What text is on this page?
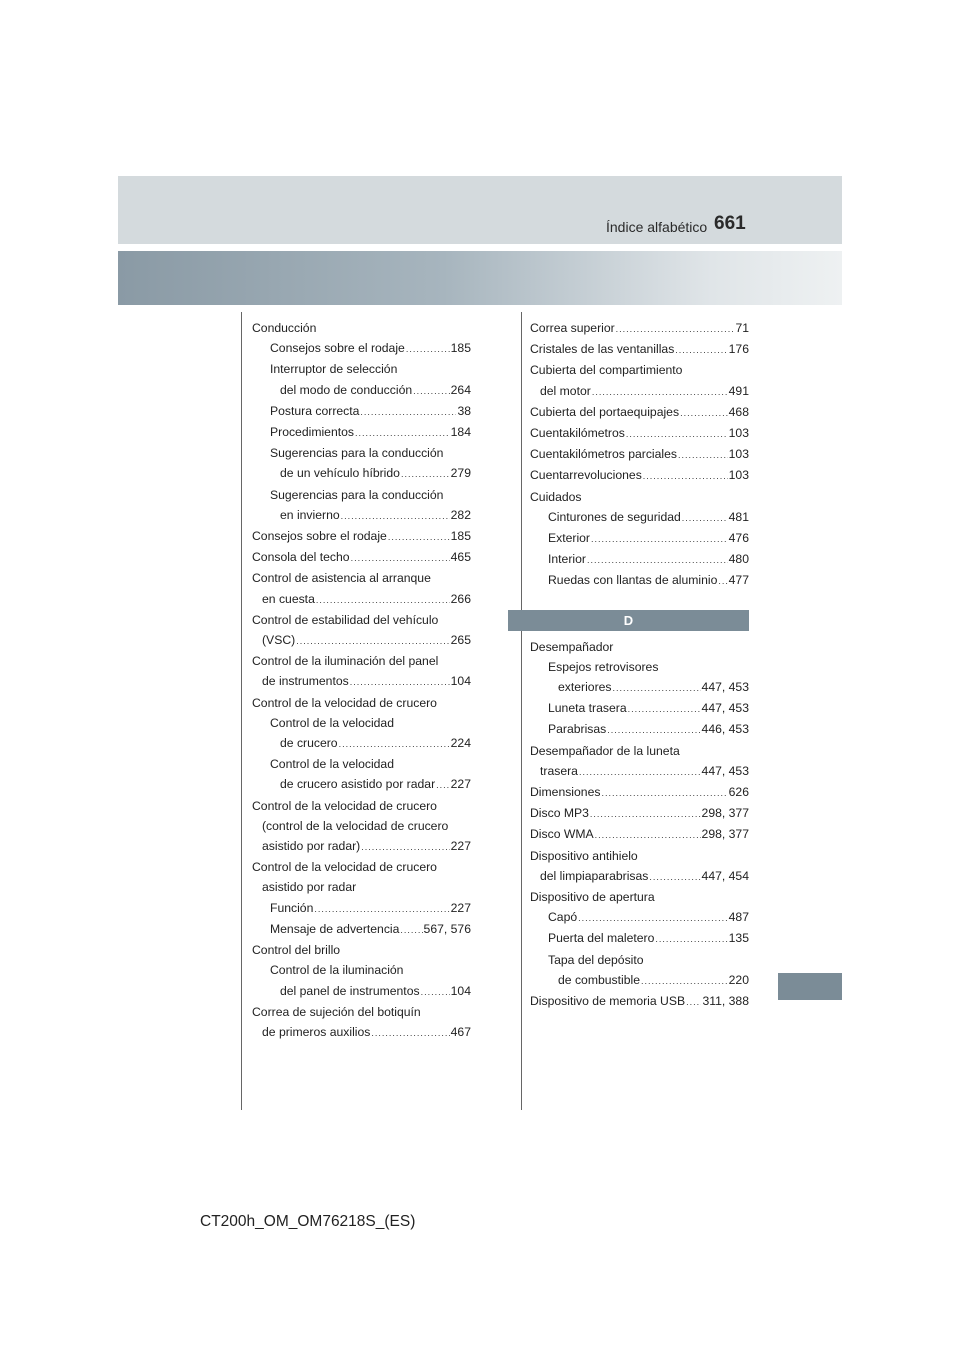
Índice alfabético 661
Conducción
Consejos sobre el rodaje .....	185
Interruptor de selección
del modo de conducción .....	264
Postura correcta .....	38
Procedimientos .....	184
Sugerencias para la conducción
de un vehículo híbrido .....	279
Sugerencias para la conducción
en invierno .....	282
Consejos sobre el rodaje .....	185
Consola del techo .....	465
Control de asistencia al arranque
en cuesta .....	266
Control de estabilidad del vehículo
(VSC) .....	265
Control de la iluminación del panel
de instrumentos .....	104
Control de la velocidad de crucero
Control de la velocidad
de crucero .....	224
Control de la velocidad
de crucero asistido por radar ..... 227
Control de la velocidad de crucero
(control de la velocidad de crucero
asistido por radar) .....	227
Control de la velocidad de crucero
asistido por radar
Función .....	227
Mensaje de advertencia ..... 567, 576
Control del brillo
Control de la iluminación
del panel de instrumentos .....	104
Correa de sujeción del botiquín
de primeros auxilios .....	467
Correa superior .....	71
Cristales de las ventanillas .....	176
Cubierta del compartimiento
del motor .....	491
Cubierta del portaequipajes .....	468
Cuentakilómetros .....	103
Cuentakilómetros parciales .....	103
Cuentarrevoluciones .....	103
Cuidados
Cinturones de seguridad .....	481
Exterior .....	476
Interior .....	480
Ruedas con llantas de aluminio ..... 477
D
Desempañador
Espejos retrovisores
exteriores .....	447, 453
Luneta trasera .....	447, 453
Parabrisas .....	446, 453
Desempañador de la luneta
trasera .....	447, 453
Dimensiones .....	626
Disco MP3 .....	298, 377
Disco WMA .....	298, 377
Dispositivo antihielo
del limpiaparabrisas .....	447, 454
Dispositivo de apertura
Capó .....	487
Puerta del maletero .....	135
Tapa del depósito
de combustible .....	220
Dispositivo de memoria USB ..... 311, 388
CT200h_OM_OM76218S_(ES)
